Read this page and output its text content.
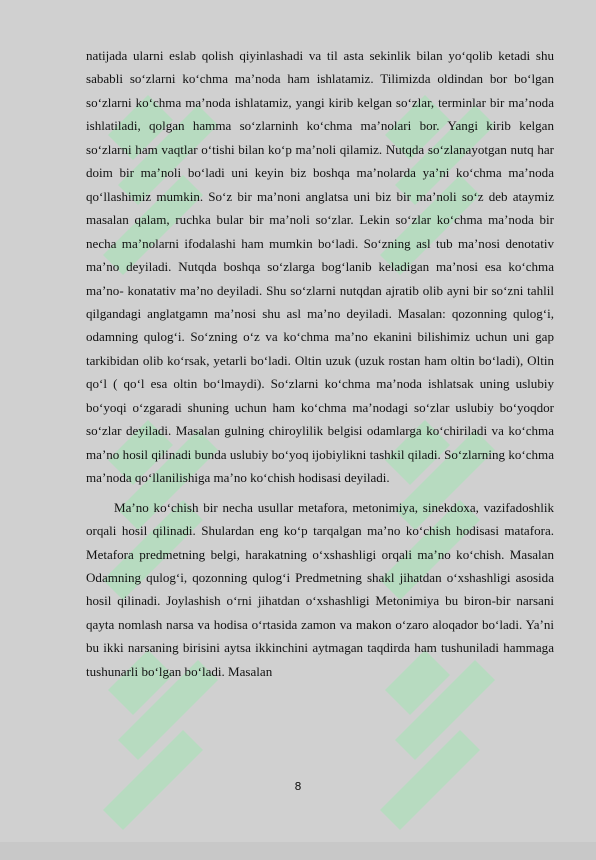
natijada ularni eslab qolish qiyinlashadi va til asta sekinlik bilan yo‘qolib ketadi shu sababli so‘zlarni ko‘chma ma’noda ham ishlatamiz. Tilimizda oldindan bor bo‘lgan so‘zlarni ko‘chma ma’noda ishlatamiz, yangi kirib kelgan so‘zlar, terminlar bir ma’noda ishlatiladi, qolgan hamma so‘zlarninh ko‘chma ma’nolari bor. Yangi kirib kelgan so‘zlarni ham vaqtlar o‘tishi bilan ko‘p ma’noli qilamiz. Nutqda so‘zlanayotgan nutq har doim bir ma’noli bo‘ladi uni keyin biz boshqa ma’nolarda ya’ni ko‘chma ma’noda qo‘llashimiz mumkin. So‘z bir ma’noni anglatsa uni biz bir ma’noli so‘z deb ataymiz masalan qalam, ruchka bular bir ma’noli so‘zlar. Lekin so‘zlar ko‘chma ma’noda bir necha ma’nolarni ifodalashi ham mumkin bo‘ladi. So‘zning asl tub ma’nosi denotativ ma’no deyiladi. Nutqda boshqa so‘zlarga bog‘lanib keladigan ma’nosi esa ko‘chma ma’no- konatativ ma’no deyiladi. Shu so‘zlarni nutqdan ajratib olib ayni bir so‘zni tahlil qilgandagi anglatgamn ma’nosi shu asl ma’no deyiladi. Masalan: qozonning qulog‘i, odamning qulog‘i. So‘zning o‘z va ko‘chma ma’no ekanini bilishimiz uchun uni gap tarkibidan olib ko‘rsak, yetarli bo‘ladi. Oltin uzuk (uzuk rostan ham oltin bo‘ladi), Oltin qo‘l ( qo‘l esa oltin bo‘lmaydi). So‘zlarni ko‘chma ma’noda ishlatsak uning uslubiy bo‘yoqi o‘zgaradi shuning uchun ham ko‘chma ma’nodagi so‘zlar uslubiy bo‘yoqdor so‘zlar deyiladi. Masalan gulning chiroylilik belgisi odamlarga ko‘chiriladi va ko‘chma ma’no hosil qilinadi bunda uslubiy bo‘yoq ijobiylikni tashkil qiladi. So‘zlarning ko‘chma ma’noda qo‘llanilishiga ma’no ko‘chish hodisasi deyiladi.

Ma’no ko‘chish bir necha usullar metafora, metonimiya, sinekdoxa, vazifadoshlik orqali hosil qilinadi. Shulardan eng ko‘p tarqalgan ma’no ko‘chish hodisasi matafora. Metafora predmetning belgi, harakatning o‘xshashligi orqali ma’no ko‘chish. Masalan Odamning qulog‘i, qozonning qulog‘i Predmetning shakl jihatdan o‘xshashligi asosida hosil qilinadi. Joylashish o‘rni jihatdan o‘xshashligi Metonimiya bu biron-bir narsani qayta nomlash narsa va hodisa o‘rtasida zamon va makon o‘zaro aloqador bo‘ladi. Ya’ni bu ikki narsaning birisini aytsa ikkinchini aytmagan taqdirda ham tushuniladi hammaga tushunarli bo‘lgan bo‘ladi. Masalan

8
